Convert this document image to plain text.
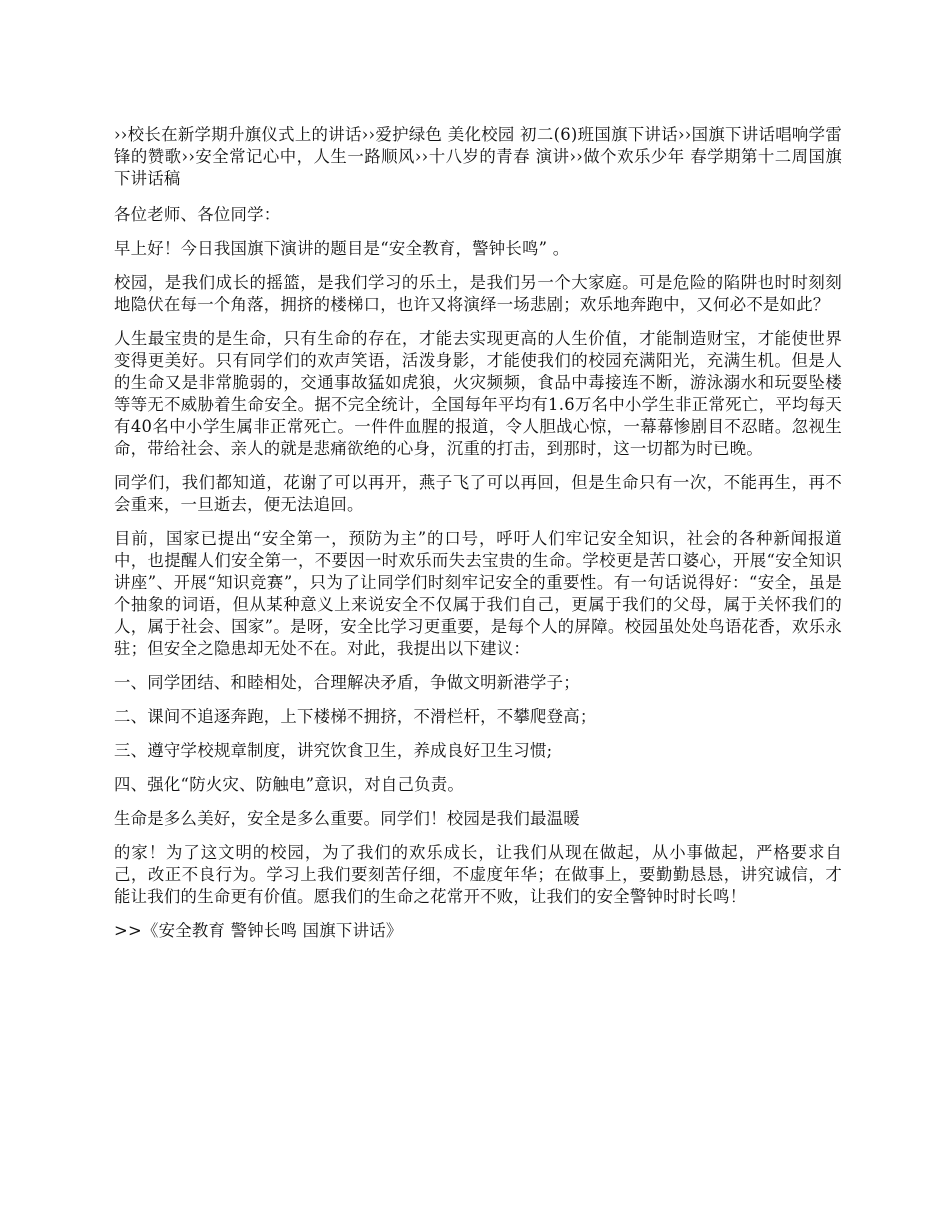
››校长在新学期升旗仪式上的讲话››爱护绿色 美化校园 初二(6)班国旗下讲话››国旗下讲话唱响学雷锋的赞歌››安全常记心中，人生一路顺风››十八岁的青春 演讲››做个欢乐少年 春学期第十二周国旗下讲话稿

各位老师、各位同学：

早上好！今日我国旗下演讲的题目是“安全教育，警钟长鸣” 。

校园，是我们成长的摇篮，是我们学习的乐土，是我们另一个大家庭。可是危险的陷阱也时时刻刻地隐伏在每一个角落，拥挤的楼梯口，也许又将演绎一场悲剧；欢乐地奔跑中，又何必不是如此？

人生最宝贵的是生命，只有生命的存在，才能去实现更高的人生价值，才能制造财宝，才能使世界变得更美好。只有同学们的欢声笑语，活泼身影，才能使我们的校园充满阳光，充满生机。但是人的生命又是非常脆弱的，交通事故猛如虎狼，火灾频频，食品中毒接连不断，游泳溺水和玩耍坠楼等等无不威胁着生命安全。据不完全统计，全国每年平均有1.6万名中小学生非正常死亡，平均每天有40名中小学生属非正常死亡。一件件血腥的报道，令人胆战心惊，一幕幕惨剧目不忍睹。忽视生命，带给社会、亲人的就是悲痛欲绝的心身，沉重的打击，到那时，这一切都为时已晚。

同学们，我们都知道，花谢了可以再开，燕子飞了可以再回，但是生命只有一次，不能再生，再不会重来，一旦逝去，便无法追回。

目前，国家已提出“安全第一，预防为主”的口号，呼吁人们牢记安全知识，社会的各种新闻报道中，也提醒人们安全第一，不要因一时欢乐而失去宝贵的生命。学校更是苦口婆心，开展“安全知识讲座”、开展“知识竞赛”，只为了让同学们时刻牢记安全的重要性。有一句话说得好：“安全，虽是个抽象的词语，但从某种意义上来说安全不仅属于我们自己，更属于我们的父母，属于关怀我们的人，属于社会、国家”。是呀，安全比学习更重要，是每个人的屏障。校园虽处处鸟语花香，欢乐永驻；但安全之隐患却无处不在。对此，我提出以下建议：

一、同学团结、和睦相处，合理解决矛盾，争做文明新港学子；

二、课间不追逐奔跑，上下楼梯不拥挤，不滑栏杆，不攀爬登高；

三、遵守学校规章制度，讲究饮食卫生，养成良好卫生习惯;

四、强化“防火灾、防触电”意识，对自己负责。

生命是多么美好，安全是多么重要。同学们！校园是我们最温暖

的家！为了这文明的校园，为了我们的欢乐成长，让我们从现在做起，从小事做起，严格要求自己，改正不良行为。学习上我们要刻苦仔细，不虚度年华；在做事上，要勤勤恳恳，讲究诚信，才能让我们的生命更有价值。愿我们的生命之花常开不败，让我们的安全警钟时时长鸣！

>>《安全教育 警钟长鸣 国旗下讲话》
